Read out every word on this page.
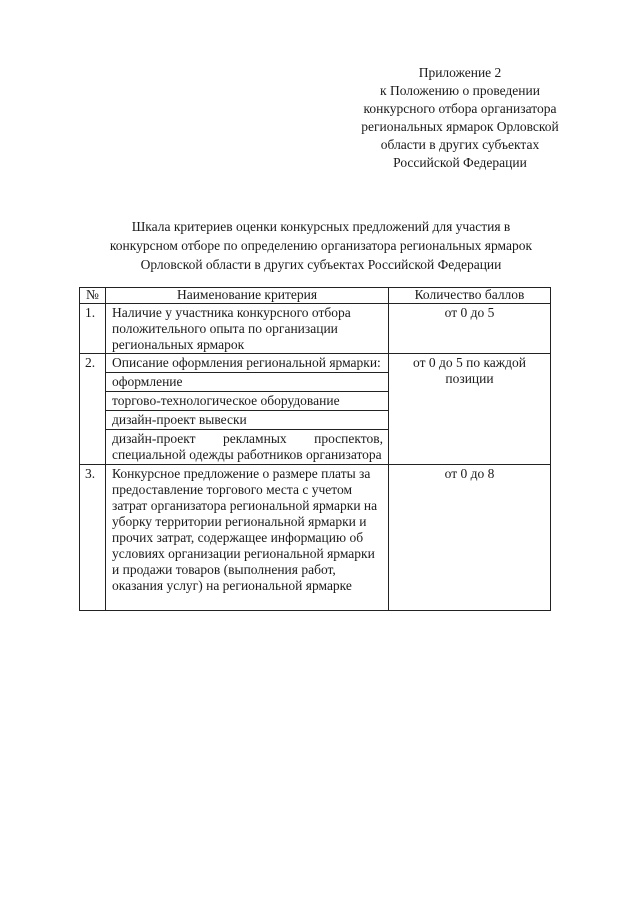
Приложение 2
к Положению о проведении
конкурсного отбора организатора
региональных ярмарок Орловской
области в других субъектах
Российской Федерации
Шкала критериев оценки конкурсных предложений для участия в
конкурсном отборе по определению организатора региональных ярмарок
Орловской области в других субъектах Российской Федерации
№	Наименование критерия	Количество баллов
1.	Наличие у участника конкурсного отбора положительного опыта по организации региональных ярмарок	от 0 до 5
2.	Описание оформления региональной ярмарки:
оформление
торгово-технологическое оборудование
дизайн-проект вывески
дизайн-проект рекламных проспектов, специальной одежды работников организатора	от 0 до 5 по каждой позиции
3.	Конкурсное предложение о размере платы за предоставление торгового места с учетом затрат организатора региональной ярмарки на уборку территории региональной ярмарки и прочих затрат, содержащее информацию об условиях организации региональной ярмарки и продажи товаров (выполнения работ, оказания услуг) на региональной ярмарке	от 0 до 8
